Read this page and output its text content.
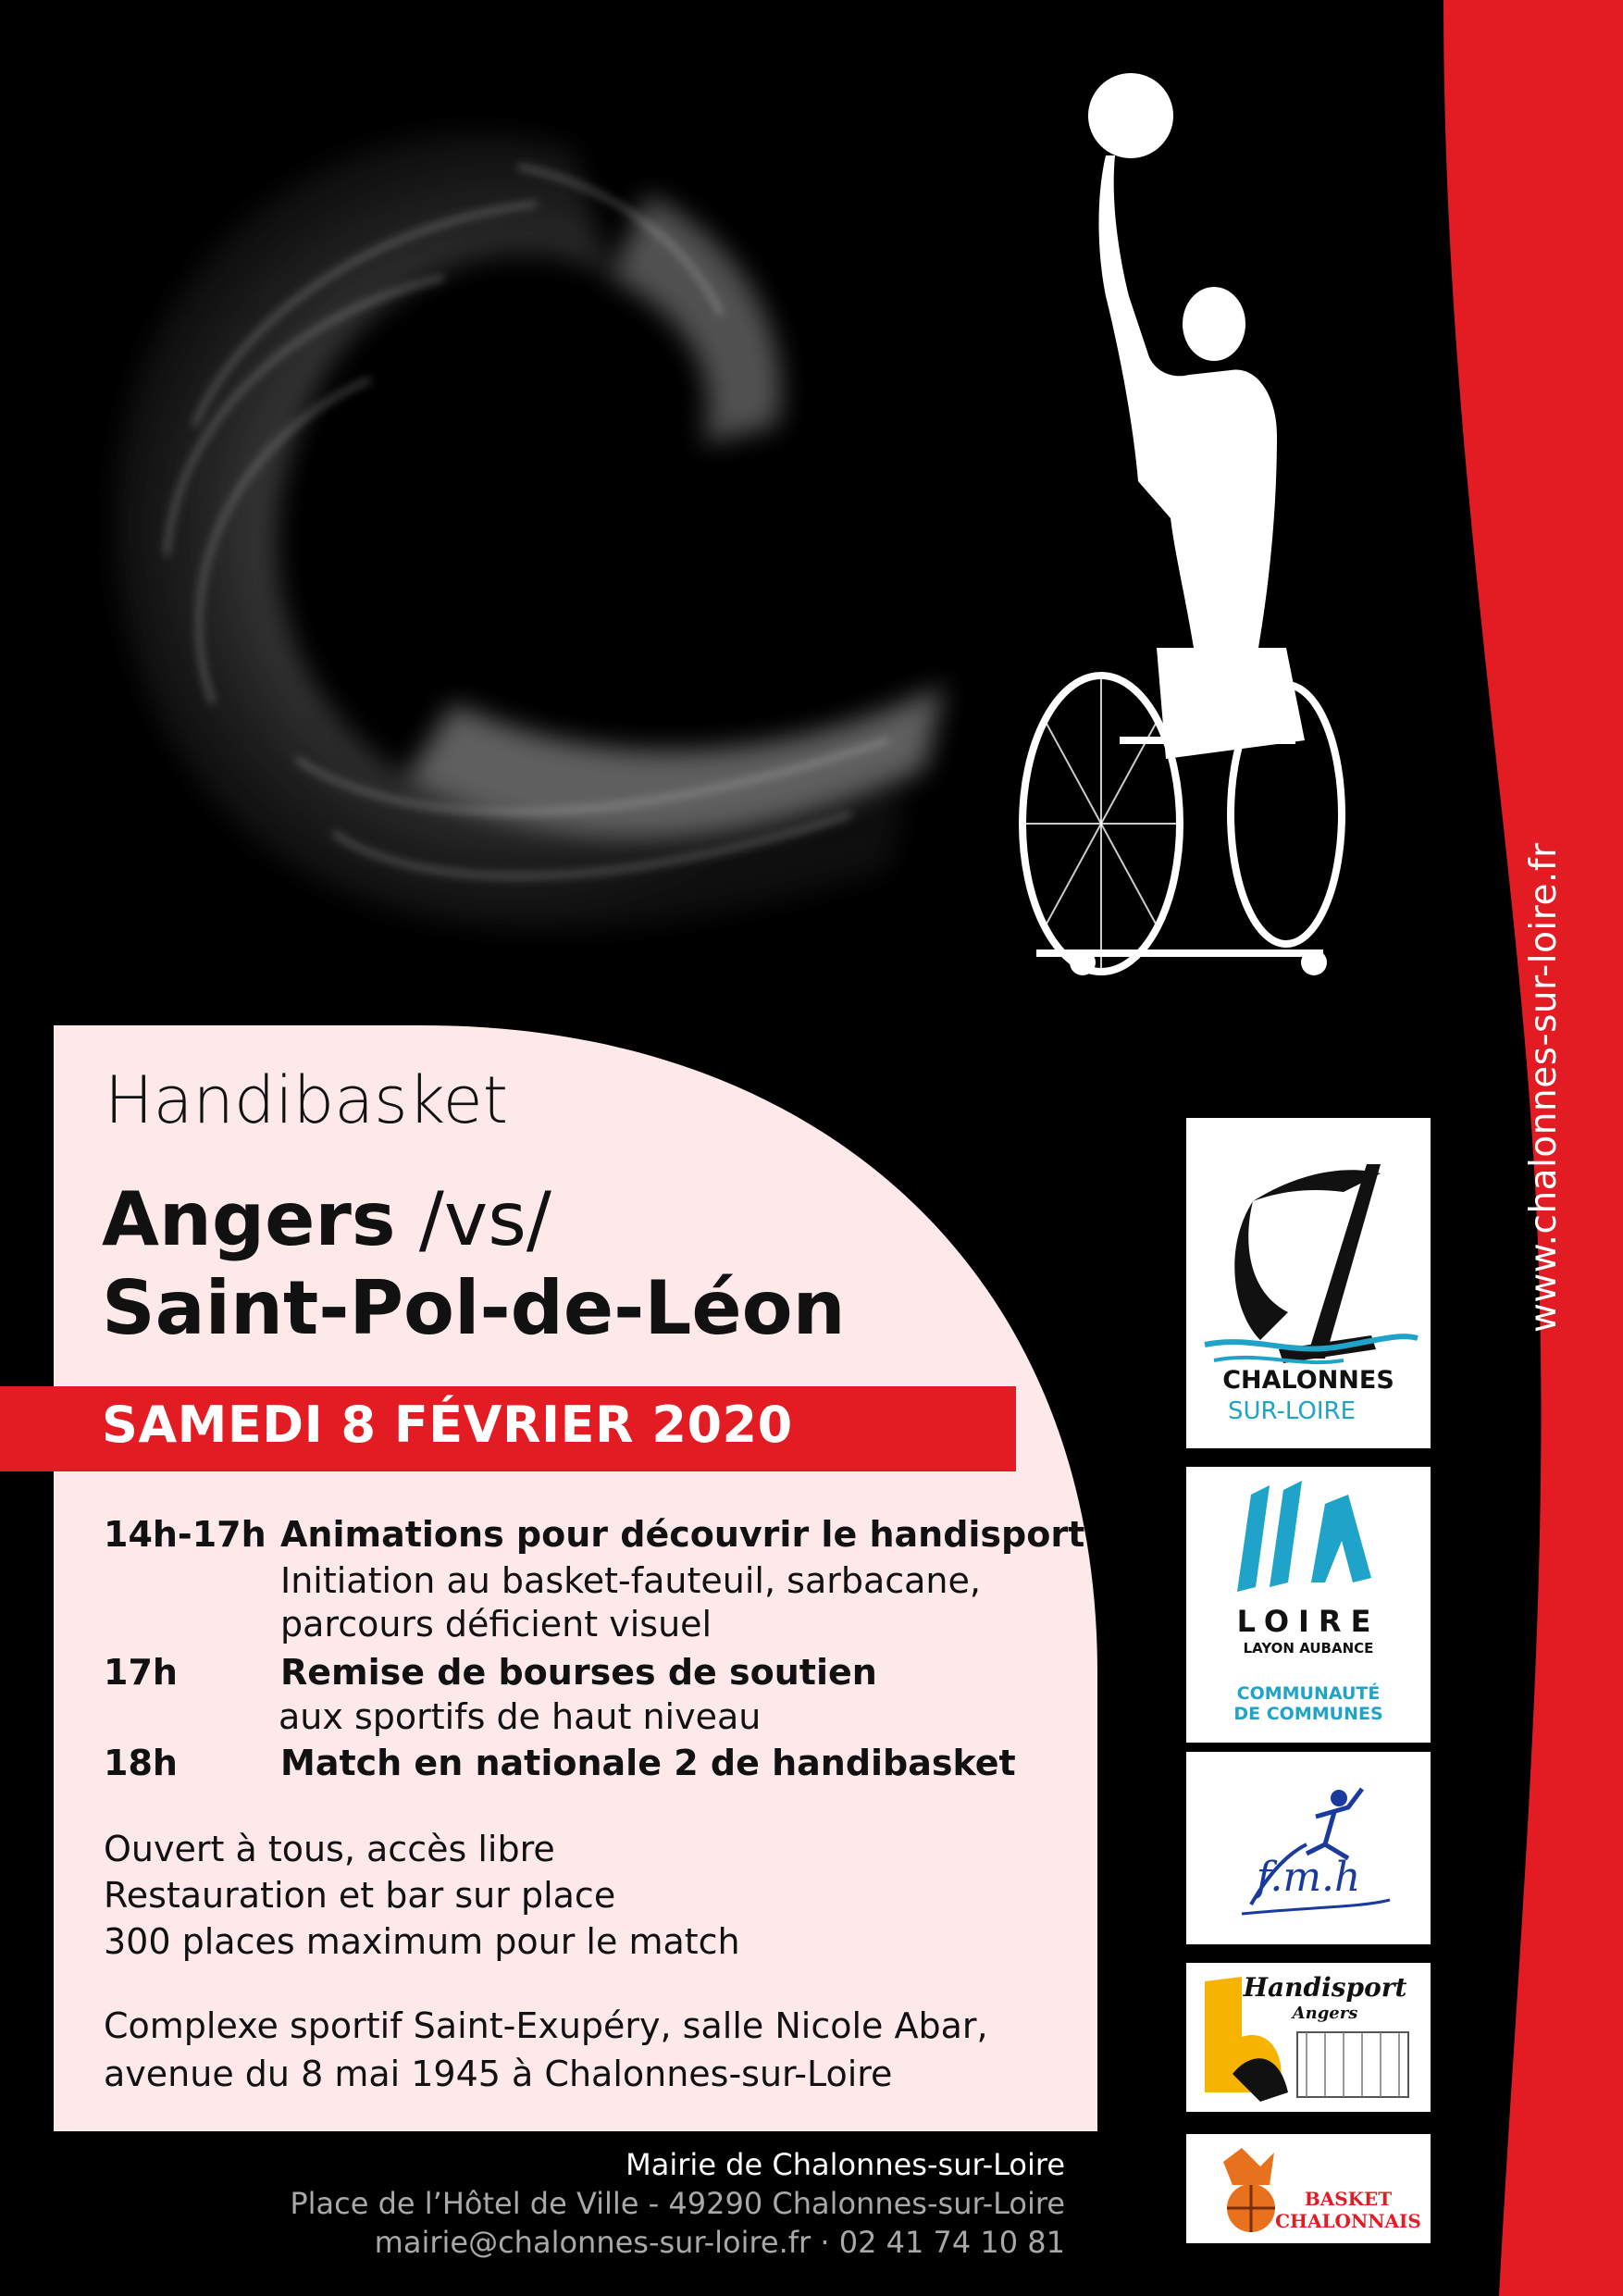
www.chalonnes-sur-loire.fr
Handibasket
Angers /vs/
Saint-Pol-de-Léon
SAMEDI 8 FÉVRIER 2020
14h-17h Animations pour découvrir le handisport
Initiation au basket-fauteuil, sarbacane,
parcours déficient visuel
17h	Remise de bourses de soutien
aux sportifs de haut niveau
18h	Match en nationale 2 de handibasket
Ouvert à tous, accès libre
Restauration et bar sur place
300 places maximum pour le match
Complexe sportif Saint-Exupéry, salle Nicole Abar,
avenue du 8 mai 1945 à Chalonnes-sur-Loire
Mairie de Chalonnes-sur-Loire
Place de l’Hôtel de Ville - 49290 Chalonnes-sur-Loire
mairie@chalonnes-sur-loire.fr · 02 41 74 10 81
CHALONNES
SUR-LOIRE
LOIRE
LAYON AUBANCE
COMMUNAUTÉ
DE COMMUNES
f.m.h
Handisport
Angers
BASKET CHALONNAIS
